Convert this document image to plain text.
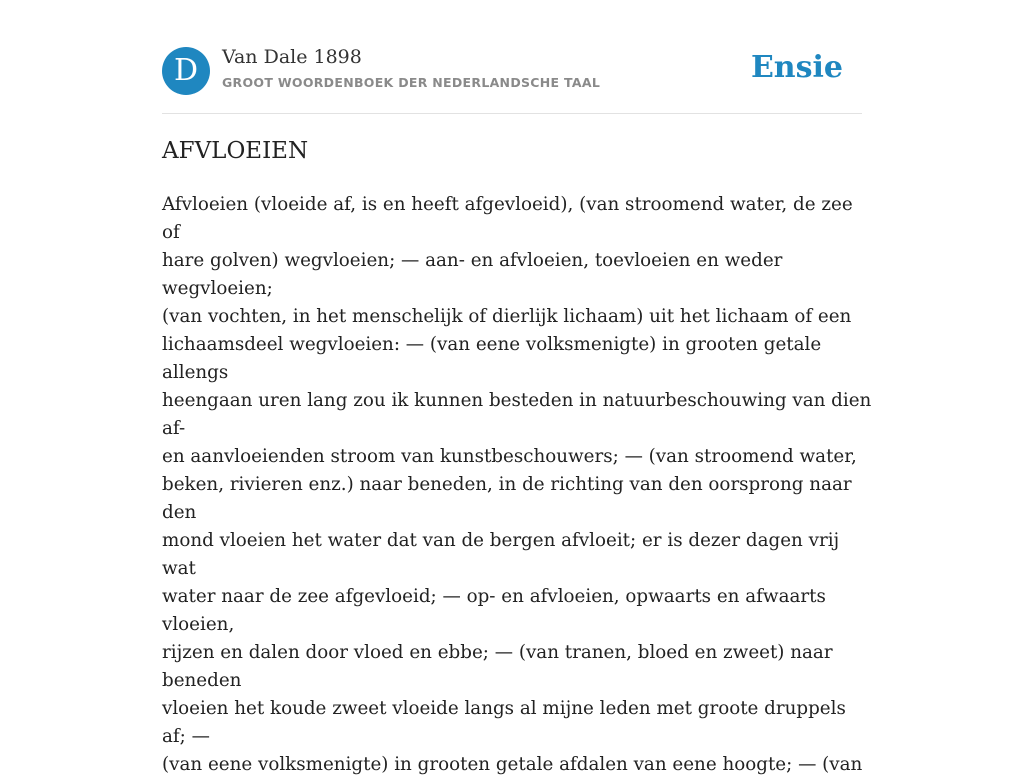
D	Van Dale 1898
GROOT WOORDENBOEK DER NEDERLANDSCHE TAAL	Ensie
AFVLOEIEN

Afvloeien (vloeide af, is en heeft afgevloeid), (van stroomend water, de zee of
hare golven) wegvloeien; — aan- en afvloeien, toevloeien en weder wegvloeien;
(van vochten, in het menschelijk of dierlijk lichaam) uit het lichaam of een
lichaamsdeel wegvloeien: — (van eene volksmenigte) in grooten getale allengs
heengaan uren lang zou ik kunnen besteden in natuurbeschouwing van dien af-
en aanvloeienden stroom van kunstbeschouwers; — (van stroomend water,
beken, rivieren enz.) naar beneden, in de richting van den oorsprong naar den
mond vloeien het water dat van de bergen afvloeit; er is dezer dagen vrij wat
water naar de zee afgevloeid; — op- en afvloeien, opwaarts en afwaarts vloeien,
rijzen en dalen door vloed en ebbe; — (van tranen, bloed en zweet) naar beneden
vloeien het koude zweet vloeide langs al mijne leden met groote druppels af; —
(van eene volksmenigte) in grooten getale afdalen van eene hoogte; — (van
